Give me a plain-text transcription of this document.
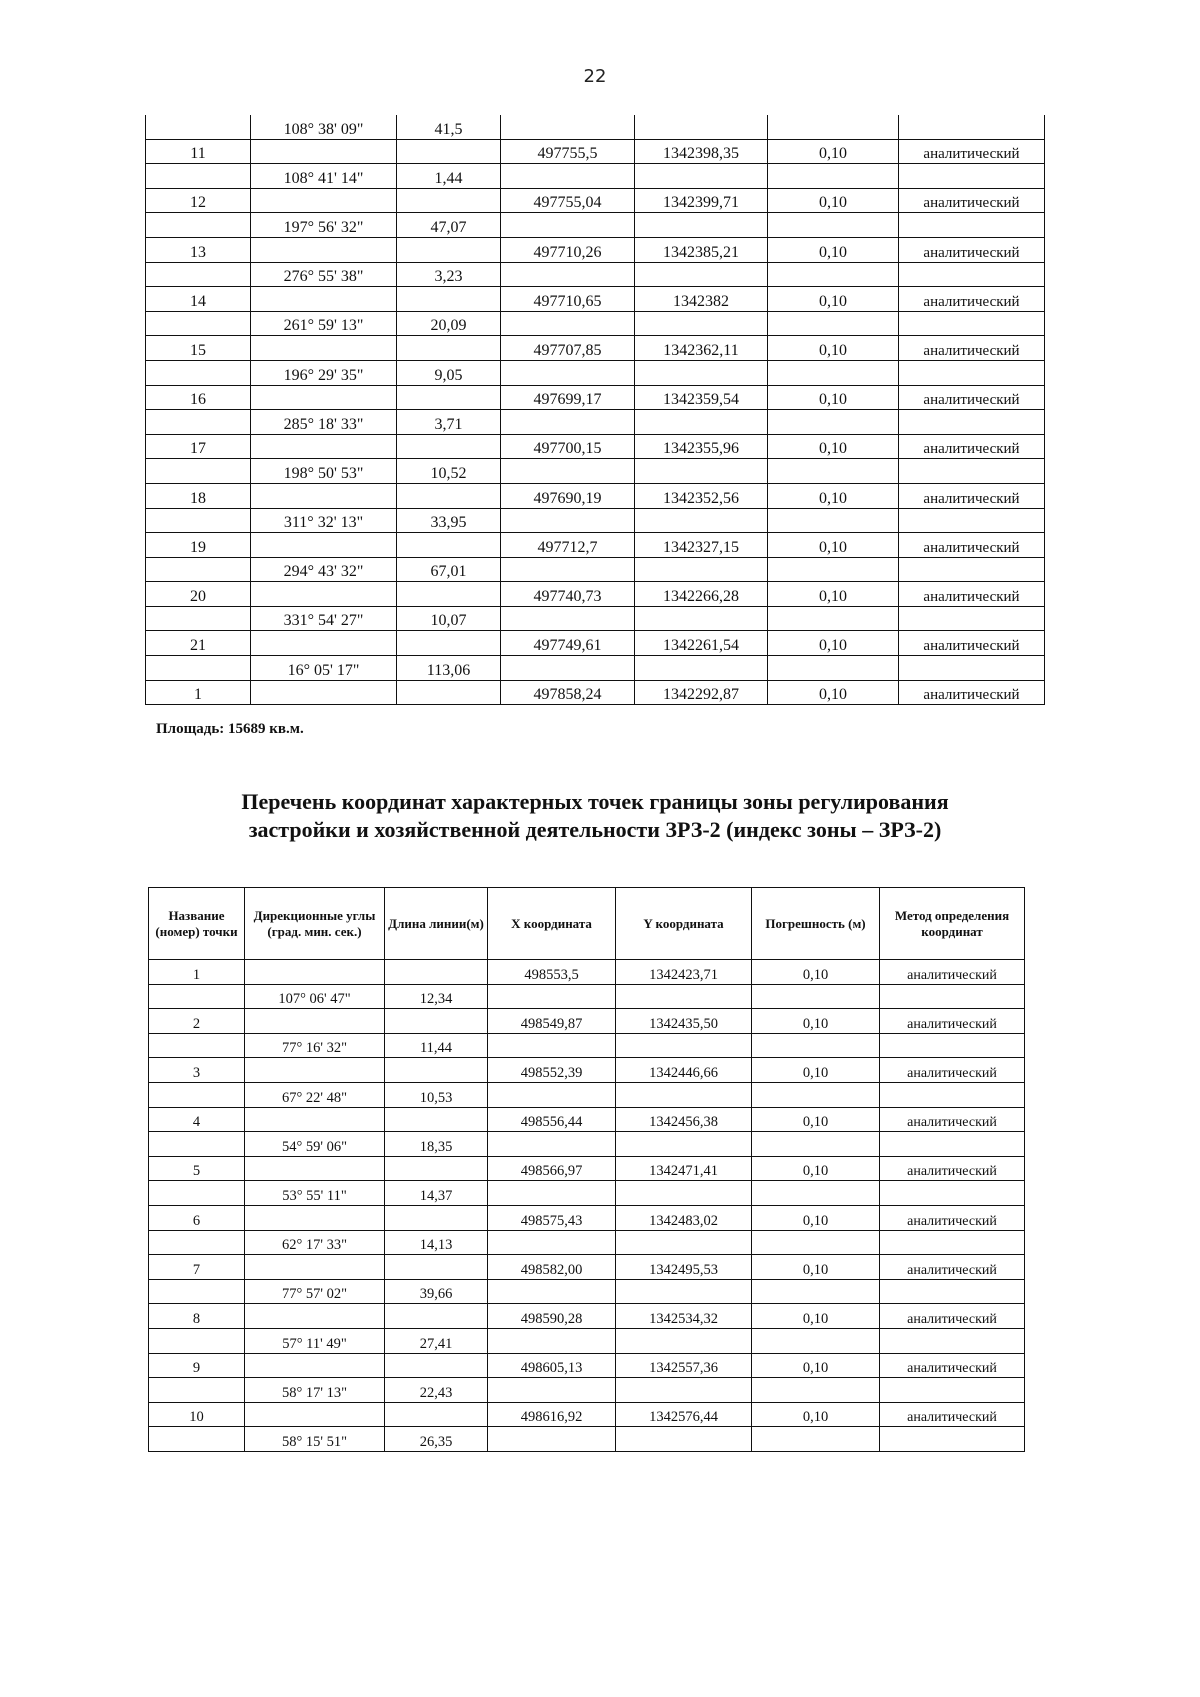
22
	108° 38' 09"	41,5				
11			497755,5	1342398,35	0,10	аналитический
	108° 41' 14"	1,44				
12			497755,04	1342399,71	0,10	аналитический
	197° 56' 32"	47,07				
13			497710,26	1342385,21	0,10	аналитический
	276° 55' 38"	3,23				
14			497710,65	1342382	0,10	аналитический
	261° 59' 13"	20,09				
15			497707,85	1342362,11	0,10	аналитический
	196° 29' 35"	9,05				
16			497699,17	1342359,54	0,10	аналитический
	285° 18' 33"	3,71				
17			497700,15	1342355,96	0,10	аналитический
	198° 50' 53"	10,52				
18			497690,19	1342352,56	0,10	аналитический
	311° 32' 13"	33,95				
19			497712,7	1342327,15	0,10	аналитический
	294° 43' 32"	67,01				
20			497740,73	1342266,28	0,10	аналитический
	331° 54' 27"	10,07				
21			497749,61	1342261,54	0,10	аналитический
	16° 05' 17"	113,06				
1			497858,24	1342292,87	0,10	аналитический
Площадь: 15689 кв.м.
Перечень координат характерных точек границы зоны регулирования
застройки и хозяйственной деятельности ЗРЗ-2 (индекс зоны – ЗРЗ-2)
Название (номер) точки	Дирекционные углы (град. мин. сек.)	Длина линии(м)	X координата	Y координата	Погрешность (м)	Метод определения координат
1			498553,5	1342423,71	0,10	аналитический
	107° 06' 47"	12,34				
2			498549,87	1342435,50	0,10	аналитический
	77° 16' 32"	11,44				
3			498552,39	1342446,66	0,10	аналитический
	67° 22' 48"	10,53				
4			498556,44	1342456,38	0,10	аналитический
	54° 59' 06"	18,35				
5			498566,97	1342471,41	0,10	аналитический
	53° 55' 11"	14,37				
6			498575,43	1342483,02	0,10	аналитический
	62° 17' 33"	14,13				
7			498582,00	1342495,53	0,10	аналитический
	77° 57' 02"	39,66				
8			498590,28	1342534,32	0,10	аналитический
	57° 11' 49"	27,41				
9			498605,13	1342557,36	0,10	аналитический
	58° 17' 13"	22,43				
10			498616,92	1342576,44	0,10	аналитический
	58° 15' 51"	26,35				
